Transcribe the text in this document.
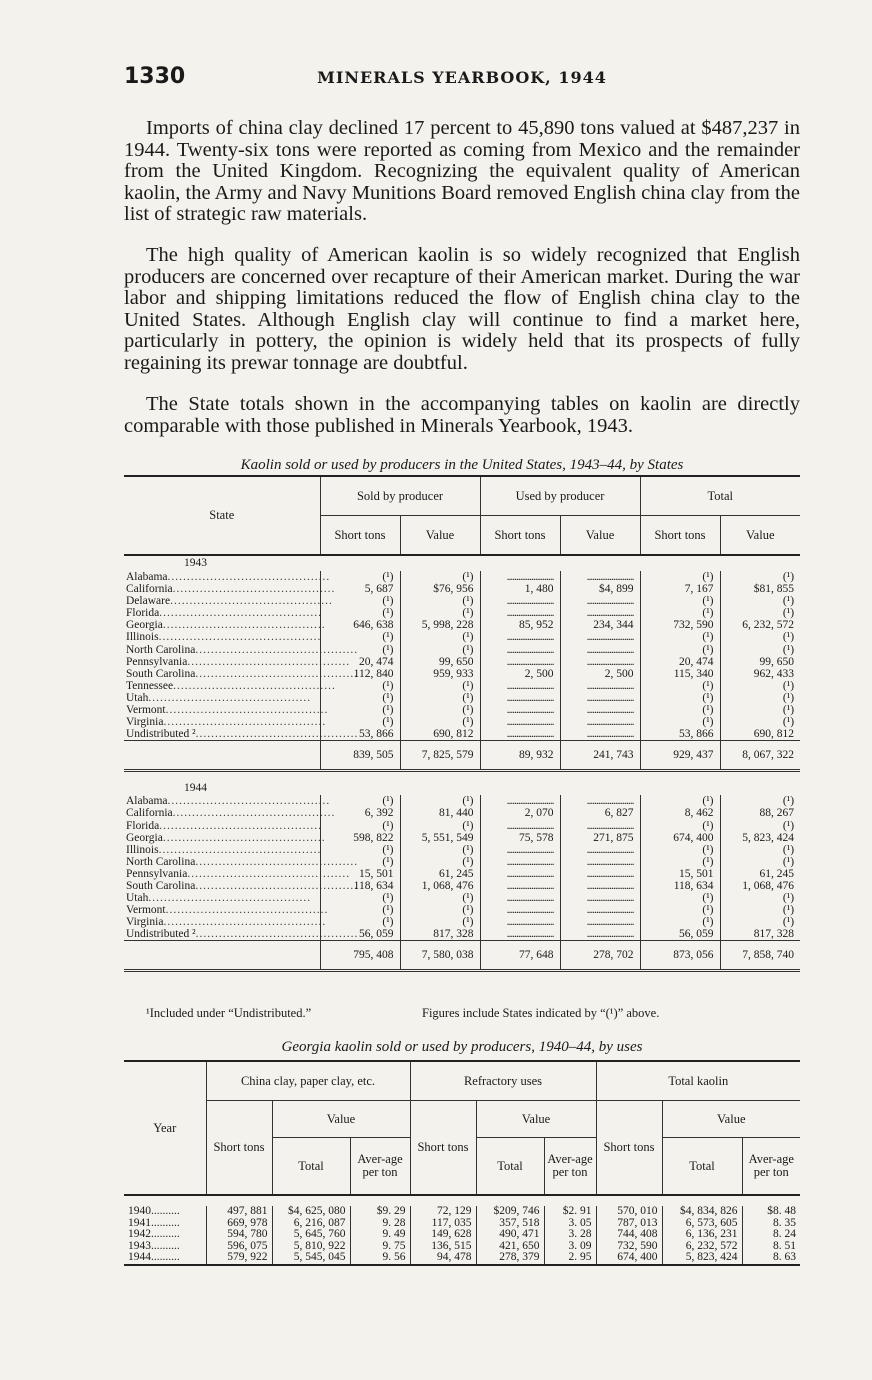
1330	MINERALS YEARBOOK, 1944
Imports of china clay declined 17 percent to 45,890 tons valued at $487,237 in 1944. Twenty-six tons were reported as coming from Mexico and the remainder from the United Kingdom. Recognizing the equivalent quality of American kaolin, the Army and Navy Munitions Board removed English china clay from the list of strategic raw materials.
The high quality of American kaolin is so widely recognized that English producers are concerned over recapture of their American market. During the war labor and shipping limitations reduced the flow of English china clay to the United States. Although English clay will continue to find a market here, particularly in pottery, the opinion is widely held that its prospects of fully regaining its prewar tonnage are doubtful.
The State totals shown in the accompanying tables on kaolin are directly comparable with those published in Minerals Yearbook, 1943.
Kaolin sold or used by producers in the United States, 1943–44, by States
State	Sold by producer		Used by producer		Total	
	Short tons	Value	Short tons	Value	Short tons	Value
1943						
Alabama..........................................	(¹)	(¹)	.........................	.........................	(¹)	(¹)
California..........................................	5, 687	$76, 956	1, 480	$4, 899	7, 167	$81, 855
Delaware..........................................	(¹)	(¹)	.........................	.........................	(¹)	(¹)
Florida..........................................	(¹)	(¹)	.........................	.........................	(¹)	(¹)
Georgia..........................................	646, 638	5, 998, 228	85, 952	234, 344	732, 590	6, 232, 572
Illinois..........................................	(¹)	(¹)	.........................	.........................	(¹)	(¹)
North Carolina..........................................	(¹)	(¹)	.........................	.........................	(¹)	(¹)
Pennsylvania..........................................	20, 474	99, 650	.........................	.........................	20, 474	99, 650
South Carolina..........................................	112, 840	959, 933	2, 500	2, 500	115, 340	962, 433
Tennessee..........................................	(¹)	(¹)	.........................	.........................	(¹)	(¹)
Utah..........................................	(¹)	(¹)	.........................	.........................	(¹)	(¹)
Vermont..........................................	(¹)	(¹)	.........................	.........................	(¹)	(¹)
Virginia..........................................	(¹)	(¹)	.........................	.........................	(¹)	(¹)
Undistributed ²..........................................	53, 866	690, 812	.........................	.........................	53, 866	690, 812
	839, 505	7, 825, 579	89, 932	241, 743	929, 437	8, 067, 322

1944						
Alabama..........................................	(¹)	(¹)	.........................	.........................	(¹)	(¹)
California..........................................	6, 392	81, 440	2, 070	6, 827	8, 462	88, 267
Florida..........................................	(¹)	(¹)	.........................	.........................	(¹)	(¹)
Georgia..........................................	598, 822	5, 551, 549	75, 578	271, 875	674, 400	5, 823, 424
Illinois..........................................	(¹)	(¹)	.........................	.........................	(¹)	(¹)
North Carolina..........................................	(¹)	(¹)	.........................	.........................	(¹)	(¹)
Pennsylvania..........................................	15, 501	61, 245	.........................	.........................	15, 501	61, 245
South Carolina..........................................	118, 634	1, 068, 476	.........................	.........................	118, 634	1, 068, 476
Utah..........................................	(¹)	(¹)	.........................	.........................	(¹)	(¹)
Vermont..........................................	(¹)	(¹)	.........................	.........................	(¹)	(¹)
Virginia..........................................	(¹)	(¹)	.........................	.........................	(¹)	(¹)
Undistributed ²..........................................	56, 059	817, 328	.........................	.........................	56, 059	817, 328
	795, 408	7, 580, 038	77, 648	278, 702	873, 056	7, 858, 740
¹Included under “Undistributed.”	Figures include States indicated by “(¹)” above.
Georgia kaolin sold or used by producers, 1940–44, by uses
Year	China clay, paper clay, etc.			Refractory uses			Total kaolin		
	Short tons	Value		Short tons	Value		Short tons	Value	
		Total	Aver-age per ton		Total	Aver-age per ton		Total	Aver-age per ton

1940..........	497, 881	$4, 625, 080	$9. 29	72, 129	$209, 746	$2. 91	570, 010	$4, 834, 826	$8. 48
1941..........	669, 978	6, 216, 087	9. 28	117, 035	357, 518	3. 05	787, 013	6, 573, 605	8. 35
1942..........	594, 780	5, 645, 760	9. 49	149, 628	490, 471	3. 28	744, 408	6, 136, 231	8. 24
1943..........	596, 075	5, 810, 922	9. 75	136, 515	421, 650	3. 09	732, 590	6, 232, 572	8. 51
1944..........	579, 922	5, 545, 045	9. 56	94, 478	278, 379	2. 95	674, 400	5, 823, 424	8. 63
